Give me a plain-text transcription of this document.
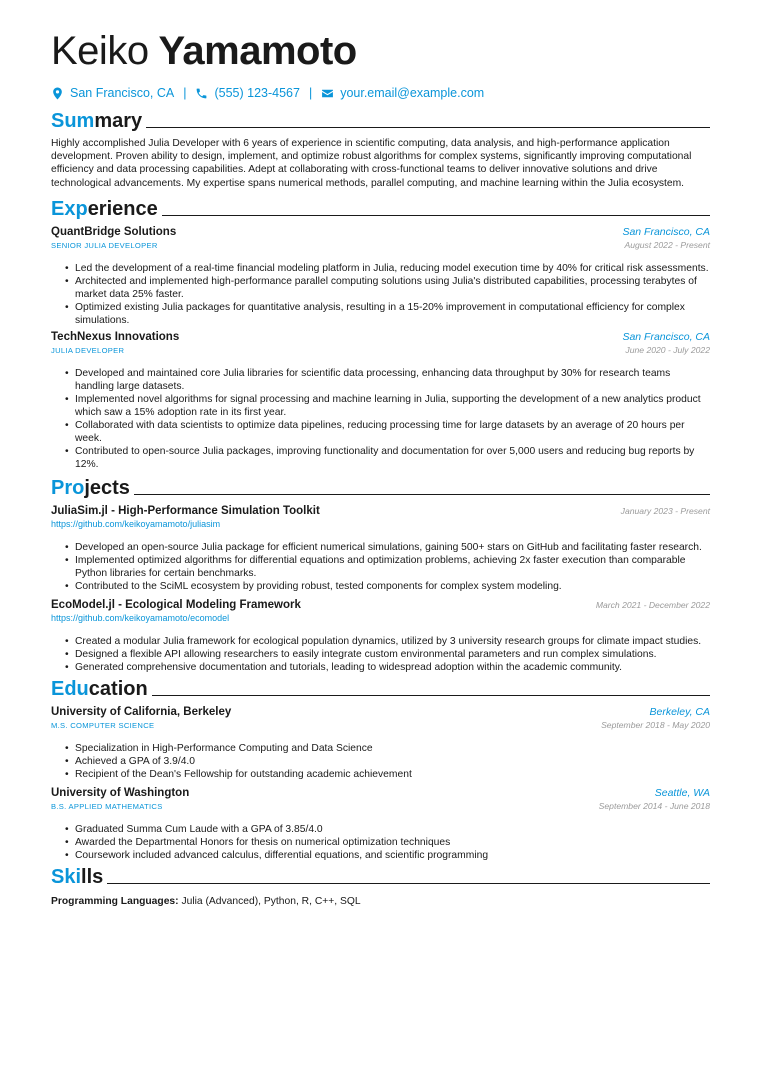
Keiko Yamamoto
San Francisco, CA | (555) 123-4567 | your.email@example.com
Summary

Highly accomplished Julia Developer with 6 years of experience in scientific computing, data analysis, and high-performance application development. Proven ability to design, implement, and optimize robust algorithms for complex systems, significantly improving computational efficiency and data processing capabilities. Adept at collaborating with cross-functional teams to deliver innovative solutions and drive technological advancements. My expertise spans numerical methods, parallel computing, and machine learning within the Julia ecosystem.

Experience
QuantBridge Solutions	San Francisco, CA
SENIOR JULIA DEVELOPER	August 2022 - Present
• Led the development of a real-time financial modeling platform in Julia, reducing model execution time by 40% for critical risk assessments.
• Architected and implemented high-performance parallel computing solutions using Julia's distributed capabilities, processing terabytes of market data 25% faster.
• Optimized existing Julia packages for quantitative analysis, resulting in a 15-20% improvement in computational efficiency for complex simulations.
TechNexus Innovations	San Francisco, CA
JULIA DEVELOPER	June 2020 - July 2022
• Developed and maintained core Julia libraries for scientific data processing, enhancing data throughput by 30% for research teams handling large datasets.
• Implemented novel algorithms for signal processing and machine learning in Julia, supporting the development of a new analytics product which saw a 15% adoption rate in its first year.
• Collaborated with data scientists to optimize data pipelines, reducing processing time for large datasets by an average of 20 hours per week.
• Contributed to open-source Julia packages, improving functionality and documentation for over 5,000 users and reducing bug reports by 12%.
Projects
JuliaSim.jl - High-Performance Simulation Toolkit	January 2023 - Present
https://github.com/keikoyamamoto/juliasim
• Developed an open-source Julia package for efficient numerical simulations, gaining 500+ stars on GitHub and facilitating faster research.
• Implemented optimized algorithms for differential equations and optimization problems, achieving 2x faster execution than comparable Python libraries for certain benchmarks.
• Contributed to the SciML ecosystem by providing robust, tested components for complex system modeling.
EcoModel.jl - Ecological Modeling Framework	March 2021 - December 2022
https://github.com/keikoyamamoto/ecomodel
• Created a modular Julia framework for ecological population dynamics, utilized by 3 university research groups for climate impact studies.
• Designed a flexible API allowing researchers to easily integrate custom environmental parameters and run complex simulations.
• Generated comprehensive documentation and tutorials, leading to widespread adoption within the academic community.
Education
University of California, Berkeley	Berkeley, CA
M.S. COMPUTER SCIENCE	September 2018 - May 2020
• Specialization in High-Performance Computing and Data Science
• Achieved a GPA of 3.9/4.0
• Recipient of the Dean's Fellowship for outstanding academic achievement
University of Washington	Seattle, WA
B.S. APPLIED MATHEMATICS	September 2014 - June 2018
• Graduated Summa Cum Laude with a GPA of 3.85/4.0
• Awarded the Departmental Honors for thesis on numerical optimization techniques
• Coursework included advanced calculus, differential equations, and scientific programming
Skills
Programming Languages: Julia (Advanced), Python, R, C++, SQL
